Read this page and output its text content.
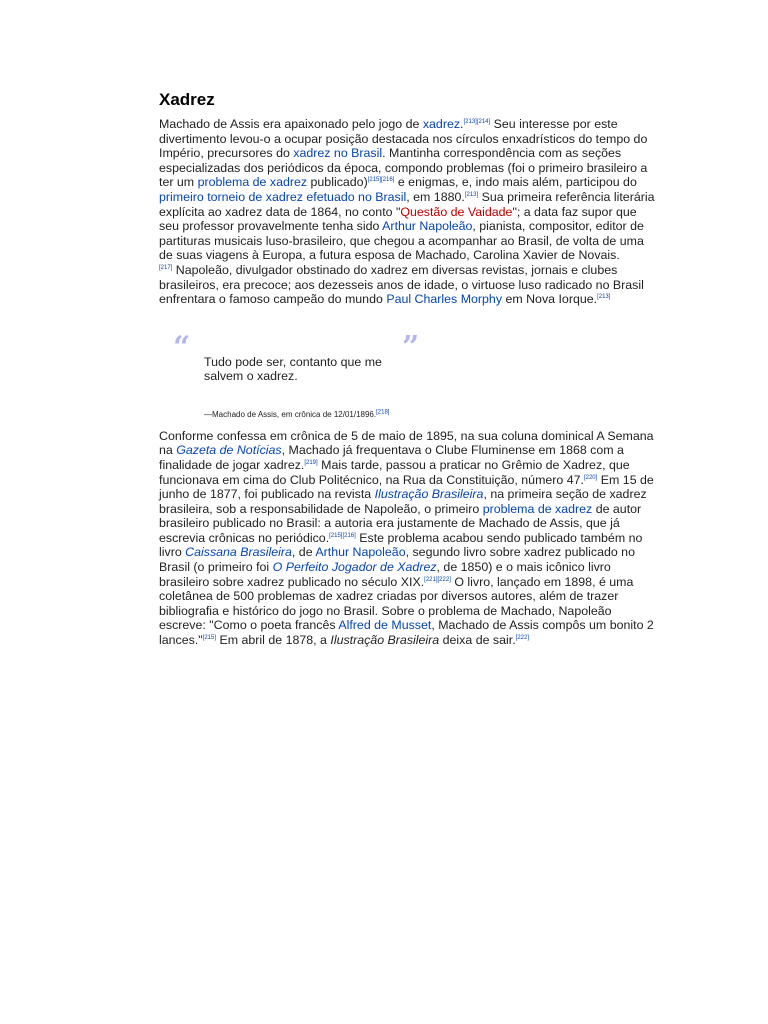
Xadrez

Machado de Assis era apaixonado pelo jogo de xadrez.[213][214] Seu interesse por este divertimento levou-o a ocupar posição destacada nos círculos enxadrísticos do tempo do Império, precursores do xadrez no Brasil. Mantinha correspondência com as seções especializadas dos periódicos da época, compondo problemas (foi o primeiro brasileiro a ter um problema de xadrez publicado)[215][216] e enigmas, e, indo mais além, participou do primeiro torneio de xadrez efetuado no Brasil, em 1880.[213] Sua primeira referência literária explícita ao xadrez data de 1864, no conto "Questão de Vaidade"; a data faz supor que seu professor provavelmente tenha sido Arthur Napoleão, pianista, compositor, editor de partituras musicais luso-brasileiro, que chegou a acompanhar ao Brasil, de volta de uma de suas viagens à Europa, a futura esposa de Machado, Carolina Xavier de Novais.
[217] Napoleão, divulgador obstinado do xadrez em diversas revistas, jornais e clubes brasileiros, era precoce; aos dezesseis anos de idade, o virtuose luso radicado no Brasil enfrentara o famoso campeão do mundo Paul Charles Morphy em Nova Iorque.[213]

“ Tudo pode ser, contanto que me salvem o xadrez.

”

—Machado de Assis, em crônica de 12/01/1896.[218]

Conforme confessa em crônica de 5 de maio de 1895, na sua coluna dominical A Semana na Gazeta de Notícias, Machado já frequentava o Clube Fluminense em 1868 com a finalidade de jogar xadrez.[219] Mais tarde, passou a praticar no Grêmio de Xadrez, que funcionava em cima do Club Politécnico, na Rua da Constituição, número 47.[220] Em 15 de junho de 1877, foi publicado na revista Ilustração Brasileira, na primeira seção de xadrez brasileira, sob a responsabilidade de Napoleão, o primeiro problema de xadrez de autor brasileiro publicado no Brasil: a autoria era justamente de Machado de Assis, que já escrevia crônicas no periódico.[215][216] Este problema acabou sendo publicado também no livro Caissana Brasileira, de Arthur Napoleão, segundo livro sobre xadrez publicado no Brasil (o primeiro foi O Perfeito Jogador de Xadrez, de 1850) e o mais icônico livro brasileiro sobre xadrez publicado no século XIX.[221][222] O livro, lançado em 1898, é uma coletânea de 500 problemas de xadrez criadas por diversos autores, além de trazer bibliografia e histórico do jogo no Brasil. Sobre o problema de Machado, Napoleão escreve: "Como o poeta francês Alfred de Musset, Machado de Assis compôs um bonito 2 lances."[215] Em abril de 1878, a Ilustração Brasileira deixa de sair.[222]
